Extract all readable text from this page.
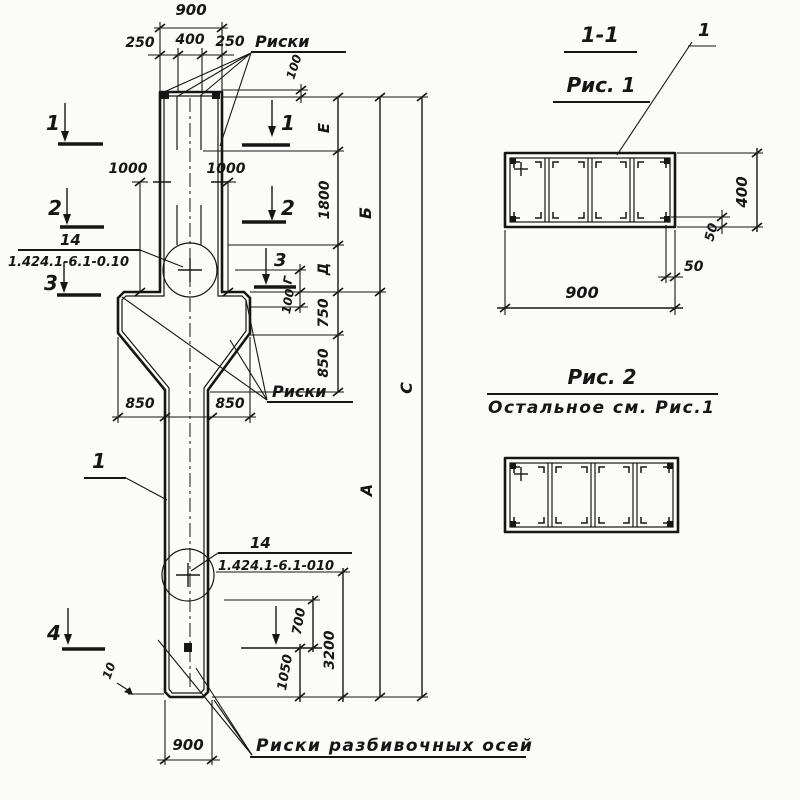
900
250 400 250
100
Риски
1
2
3
4
1
2
3
14
1.424.1-6.1-0.10
14
1.424.1-6.1-010
1000	1000
850	850
900
10
Е
1800
Д
750
850
Г
100
Б
А
С
3200
700
1050
Риски
1
Риски разбивочных осей
1-1
Рис. 1
1
400
50
50
900
Рис. 2
Остальное см. Рис.1
